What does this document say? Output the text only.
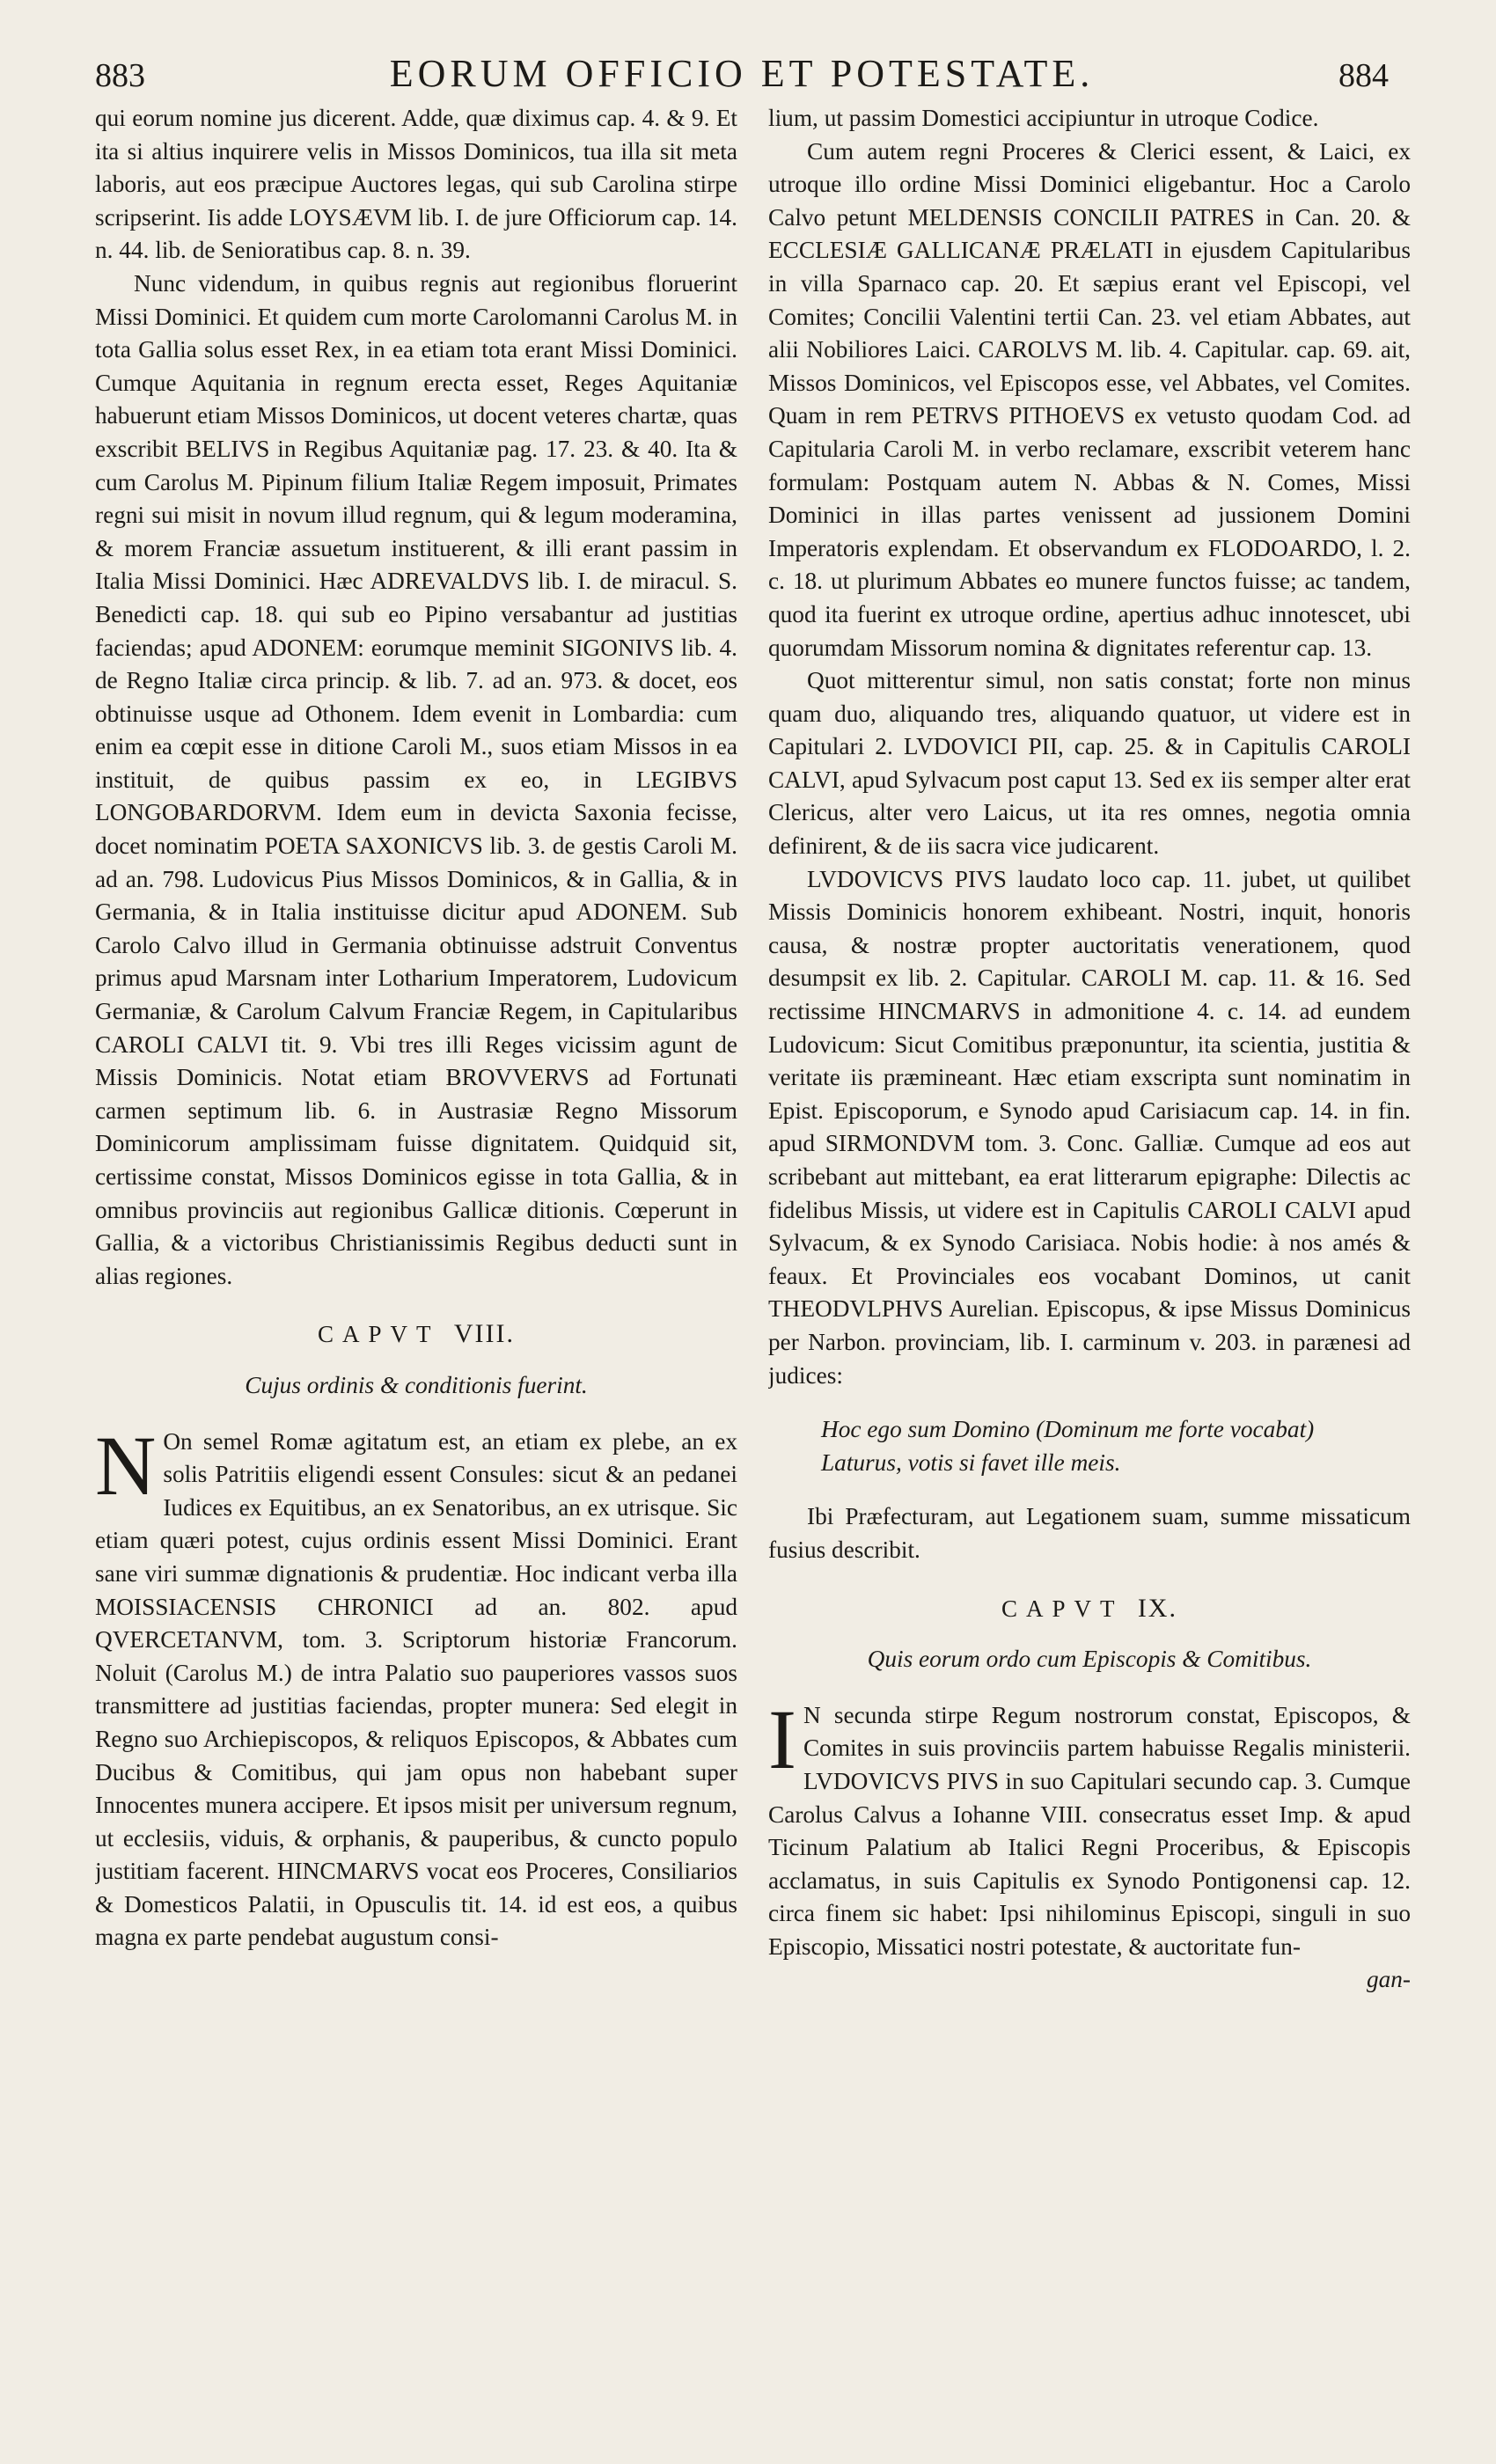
883	EORUM OFFICIO ET POTESTATE.	884

qui eorum nomine jus dicerent. Adde, quæ diximus cap. 4. & 9. Et ita si altius inquirere velis in Missos Dominicos, tua illa sit meta laboris, aut eos præcipue Auctores legas, qui sub Carolina stirpe scripserint. Iis adde LOYSÆVM lib. I. de jure Officiorum cap. 14. n. 44. lib. de Senioratibus cap. 8. n. 39.

Nunc videndum, in quibus regnis aut regionibus floruerint Missi Dominici. Et quidem cum morte Carolomanni Carolus M. in tota Gallia solus esset Rex, in ea etiam tota erant Missi Dominici. Cumque Aquitania in regnum erecta esset, Reges Aquitaniæ habuerunt etiam Missos Dominicos, ut docent veteres chartæ, quas exscribit BELIVS in Regibus Aquitaniæ pag. 17. 23. & 40. Ita & cum Carolus M. Pipinum filium Italiæ Regem imposuit, Primates regni sui misit in novum illud regnum, qui & legum moderamina, & morem Franciæ assuetum instituerent, & illi erant passim in Italia Missi Dominici. Hæc ADREVALDVS lib. I. de miracul. S. Benedicti cap. 18. qui sub eo Pipino versabantur ad justitias faciendas; apud ADONEM: eorumque meminit SIGONIVS lib. 4. de Regno Italiæ circa princip. & lib. 7. ad an. 973. & docet, eos obtinuisse usque ad Othonem. Idem evenit in Lombardia: cum enim ea cœpit esse in ditione Caroli M., suos etiam Missos in ea instituit, de quibus passim ex eo, in LEGIBVS LONGOBARDORVM. Idem eum in devicta Saxonia fecisse, docet nominatim POETA SAXONICVS lib. 3. de gestis Caroli M. ad an. 798. Ludovicus Pius Missos Dominicos, & in Gallia, & in Germania, & in Italia instituisse dicitur apud ADONEM. Sub Carolo Calvo illud in Germania obtinuisse adstruit Conventus primus apud Marsnam inter Lotharium Imperatorem, Ludovicum Germaniæ, & Carolum Calvum Franciæ Regem, in Capitularibus CAROLI CALVI tit. 9. Vbi tres illi Reges vicissim agunt de Missis Dominicis. Notat etiam BROVVERVS ad Fortunati carmen septimum lib. 6. in Austrasiæ Regno Missorum Dominicorum amplissimam fuisse dignitatem. Quidquid sit, certissime constat, Missos Dominicos egisse in tota Gallia, & in omnibus provinciis aut regionibus Gallicæ ditionis. Cœperunt in Gallia, & a victoribus Christianissimis Regibus deducti sunt in alias regiones.

CAPVT VIII.
Cujus ordinis & conditionis fuerint.

N On semel Romæ agitatum est, an etiam ex plebe, an ex solis Patritiis eligendi essent Consules: sicut & an pedanei Iudices ex Equitibus, an ex Senatoribus, an ex utrisque. Sic etiam quæri potest, cujus ordinis essent Missi Dominici. Erant sane viri summæ dignationis & prudentiæ. Hoc indicant verba illa MOISSIACENSIS CHRONICI ad an. 802. apud QVERCETANVM, tom. 3. Scriptorum historiæ Francorum. Noluit (Carolus M.) de intra Palatio suo pauperiores vassos suos transmittere ad justitias faciendas, propter munera: Sed elegit in Regno suo Archiepiscopos, & reliquos Episcopos, & Abbates cum Ducibus & Comitibus, qui jam opus non habebant super Innocentes munera accipere. Et ipsos misit per universum regnum, ut ecclesiis, viduis, & orphanis, & pauperibus, & cuncto populo justitiam facerent. HINCMARVS vocat eos Proceres, Consiliarios & Domesticos Palatii, in Opusculis tit. 14. id est eos, a quibus magna ex parte pendebat augustum consi-

lium, ut passim Domestici accipiuntur in utroque Codice.

Cum autem regni Proceres & Clerici essent, & Laici, ex utroque illo ordine Missi Dominici eligebantur. Hoc a Carolo Calvo petunt MELDENSIS CONCILII PATRES in Can. 20. & ECCLESIÆ GALLICANÆ PRÆLATI in ejusdem Capitularibus in villa Sparnaco cap. 20. Et sæpius erant vel Episcopi, vel Comites; Concilii Valentini tertii Can. 23. vel etiam Abbates, aut alii Nobiliores Laici. CAROLVS M. lib. 4. Capitular. cap. 69. ait, Missos Dominicos, vel Episcopos esse, vel Abbates, vel Comites. Quam in rem PETRVS PITHOEVS ex vetusto quodam Cod. ad Capitularia Caroli M. in verbo reclamare, exscribit veterem hanc formulam: Postquam autem N. Abbas & N. Comes, Missi Dominici in illas partes venissent ad jussionem Domini Imperatoris explendam. Et observandum ex FLODOARDO, l. 2. c. 18. ut plurimum Abbates eo munere functos fuisse; ac tandem, quod ita fuerint ex utroque ordine, apertius adhuc innotescet, ubi quorumdam Missorum nomina & dignitates referentur cap. 13.

Quot mitterentur simul, non satis constat; forte non minus quam duo, aliquando tres, aliquando quatuor, ut videre est in Capitulari 2. LVDOVICI PII, cap. 25. & in Capitulis CAROLI CALVI, apud Sylvacum post caput 13. Sed ex iis semper alter erat Clericus, alter vero Laicus, ut ita res omnes, negotia omnia definirent, & de iis sacra vice judicarent.

LVDOVICVS PIVS laudato loco cap. 11. jubet, ut quilibet Missis Dominicis honorem exhibeant. Nostri, inquit, honoris causa, & nostræ propter auctoritatis venerationem, quod desumpsit ex lib. 2. Capitular. CAROLI M. cap. 11. & 16. Sed rectissime HINCMARVS in admonitione 4. c. 14. ad eundem Ludovicum: Sicut Comitibus præponuntur, ita scientia, justitia & veritate iis præmineant. Hæc etiam exscripta sunt nominatim in Epist. Episcoporum, e Synodo apud Carisiacum cap. 14. in fin. apud SIRMONDVM tom. 3. Conc. Galliæ. Cumque ad eos aut scribebant aut mittebant, ea erat litterarum epigraphe: Dilectis ac fidelibus Missis, ut videre est in Capitulis CAROLI CALVI apud Sylvacum, & ex Synodo Carisiaca. Nobis hodie: à nos amés & feaux. Et Provinciales eos vocabant Dominos, ut canit THEODVLPHVS Aurelian. Episcopus, & ipse Missus Dominicus per Narbon. provinciam, lib. I. carminum v. 203. in parænesi ad judices:

Hoc ego sum Domino (Dominum me forte vocabat)
Laturus, votis si favet ille meis.

Ibi Præfecturam, aut Legationem suam, summe missaticum fusius describit.

CAPVT IX.
Quis eorum ordo cum Episcopis & Comitibus.

I N secunda stirpe Regum nostrorum constat, Episcopos, & Comites in suis provinciis partem habuisse Regalis ministerii. LVDOVICVS PIVS in suo Capitulari secundo cap. 3. Cumque Carolus Calvus a Iohanne VIII. consecratus esset Imp. & apud Ticinum Palatium ab Italici Regni Proceribus, & Episcopis acclamatus, in suis Capitulis ex Synodo Pontigonensi cap. 12. circa finem sic habet: Ipsi nihilominus Episcopi, singuli in suo Episcopio, Missatici nostri potestate, & auctoritate fun-

gan-
